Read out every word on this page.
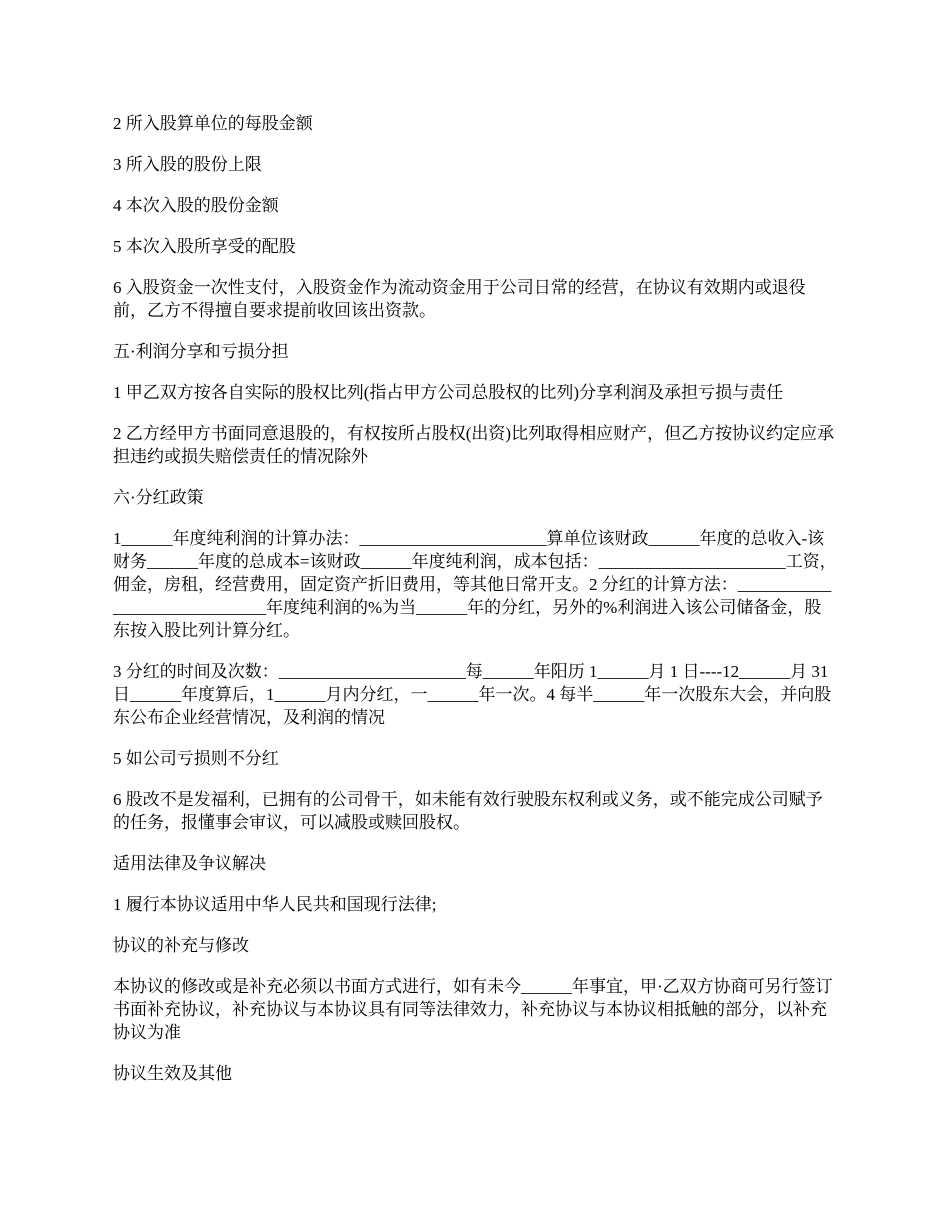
2 所入股算单位的每股金额

3 所入股的股份上限

4 本次入股的股份金额

5 本次入股所享受的配股

6 入股资金一次性支付，入股资金作为流动资金用于公司日常的经营，在协议有效期内或退役前，乙方不得擅自要求提前收回该出资款。

五·利润分享和亏损分担

1 甲乙双方按各自实际的股权比列(指占甲方公司总股权的比列)分享利润及承担亏损与责任

2 乙方经甲方书面同意退股的，有权按所占股权(出资)比列取得相应财产，但乙方按协议约定应承担违约或损失赔偿责任的情况除外

六·分红政策

1______年度纯利润的计算办法：______________________算单位该财政______年度的总收入-该财务______年度的总成本=该财政______年度纯利润，成本包括：______________________工资，佣金，房租，经营费用，固定资产折旧费用，等其他日常开支。2 分红的计算方法：_____________________________年度纯利润的%为当______年的分红，另外的%利润进入该公司储备金，股东按入股比列计算分红。

3 分红的时间及次数：______________________每______年阳历 1______月 1 日----12______月 31 日______年度算后，1______月内分红，一______年一次。4 每半______年一次股东大会，并向股东公布企业经营情况，及利润的情况

5 如公司亏损则不分红

6 股改不是发福利，已拥有的公司骨干，如未能有效行驶股东权利或义务，或不能完成公司赋予的任务，报懂事会审议，可以减股或赎回股权。

适用法律及争议解决

1 履行本协议适用中华人民共和国现行法律;

协议的补充与修改

本协议的修改或是补充必须以书面方式进行，如有未今______年事宜，甲·乙双方协商可另行签订书面补充协议，补充协议与本协议具有同等法律效力，补充协议与本协议相抵触的部分，以补充协议为准

协议生效及其他
